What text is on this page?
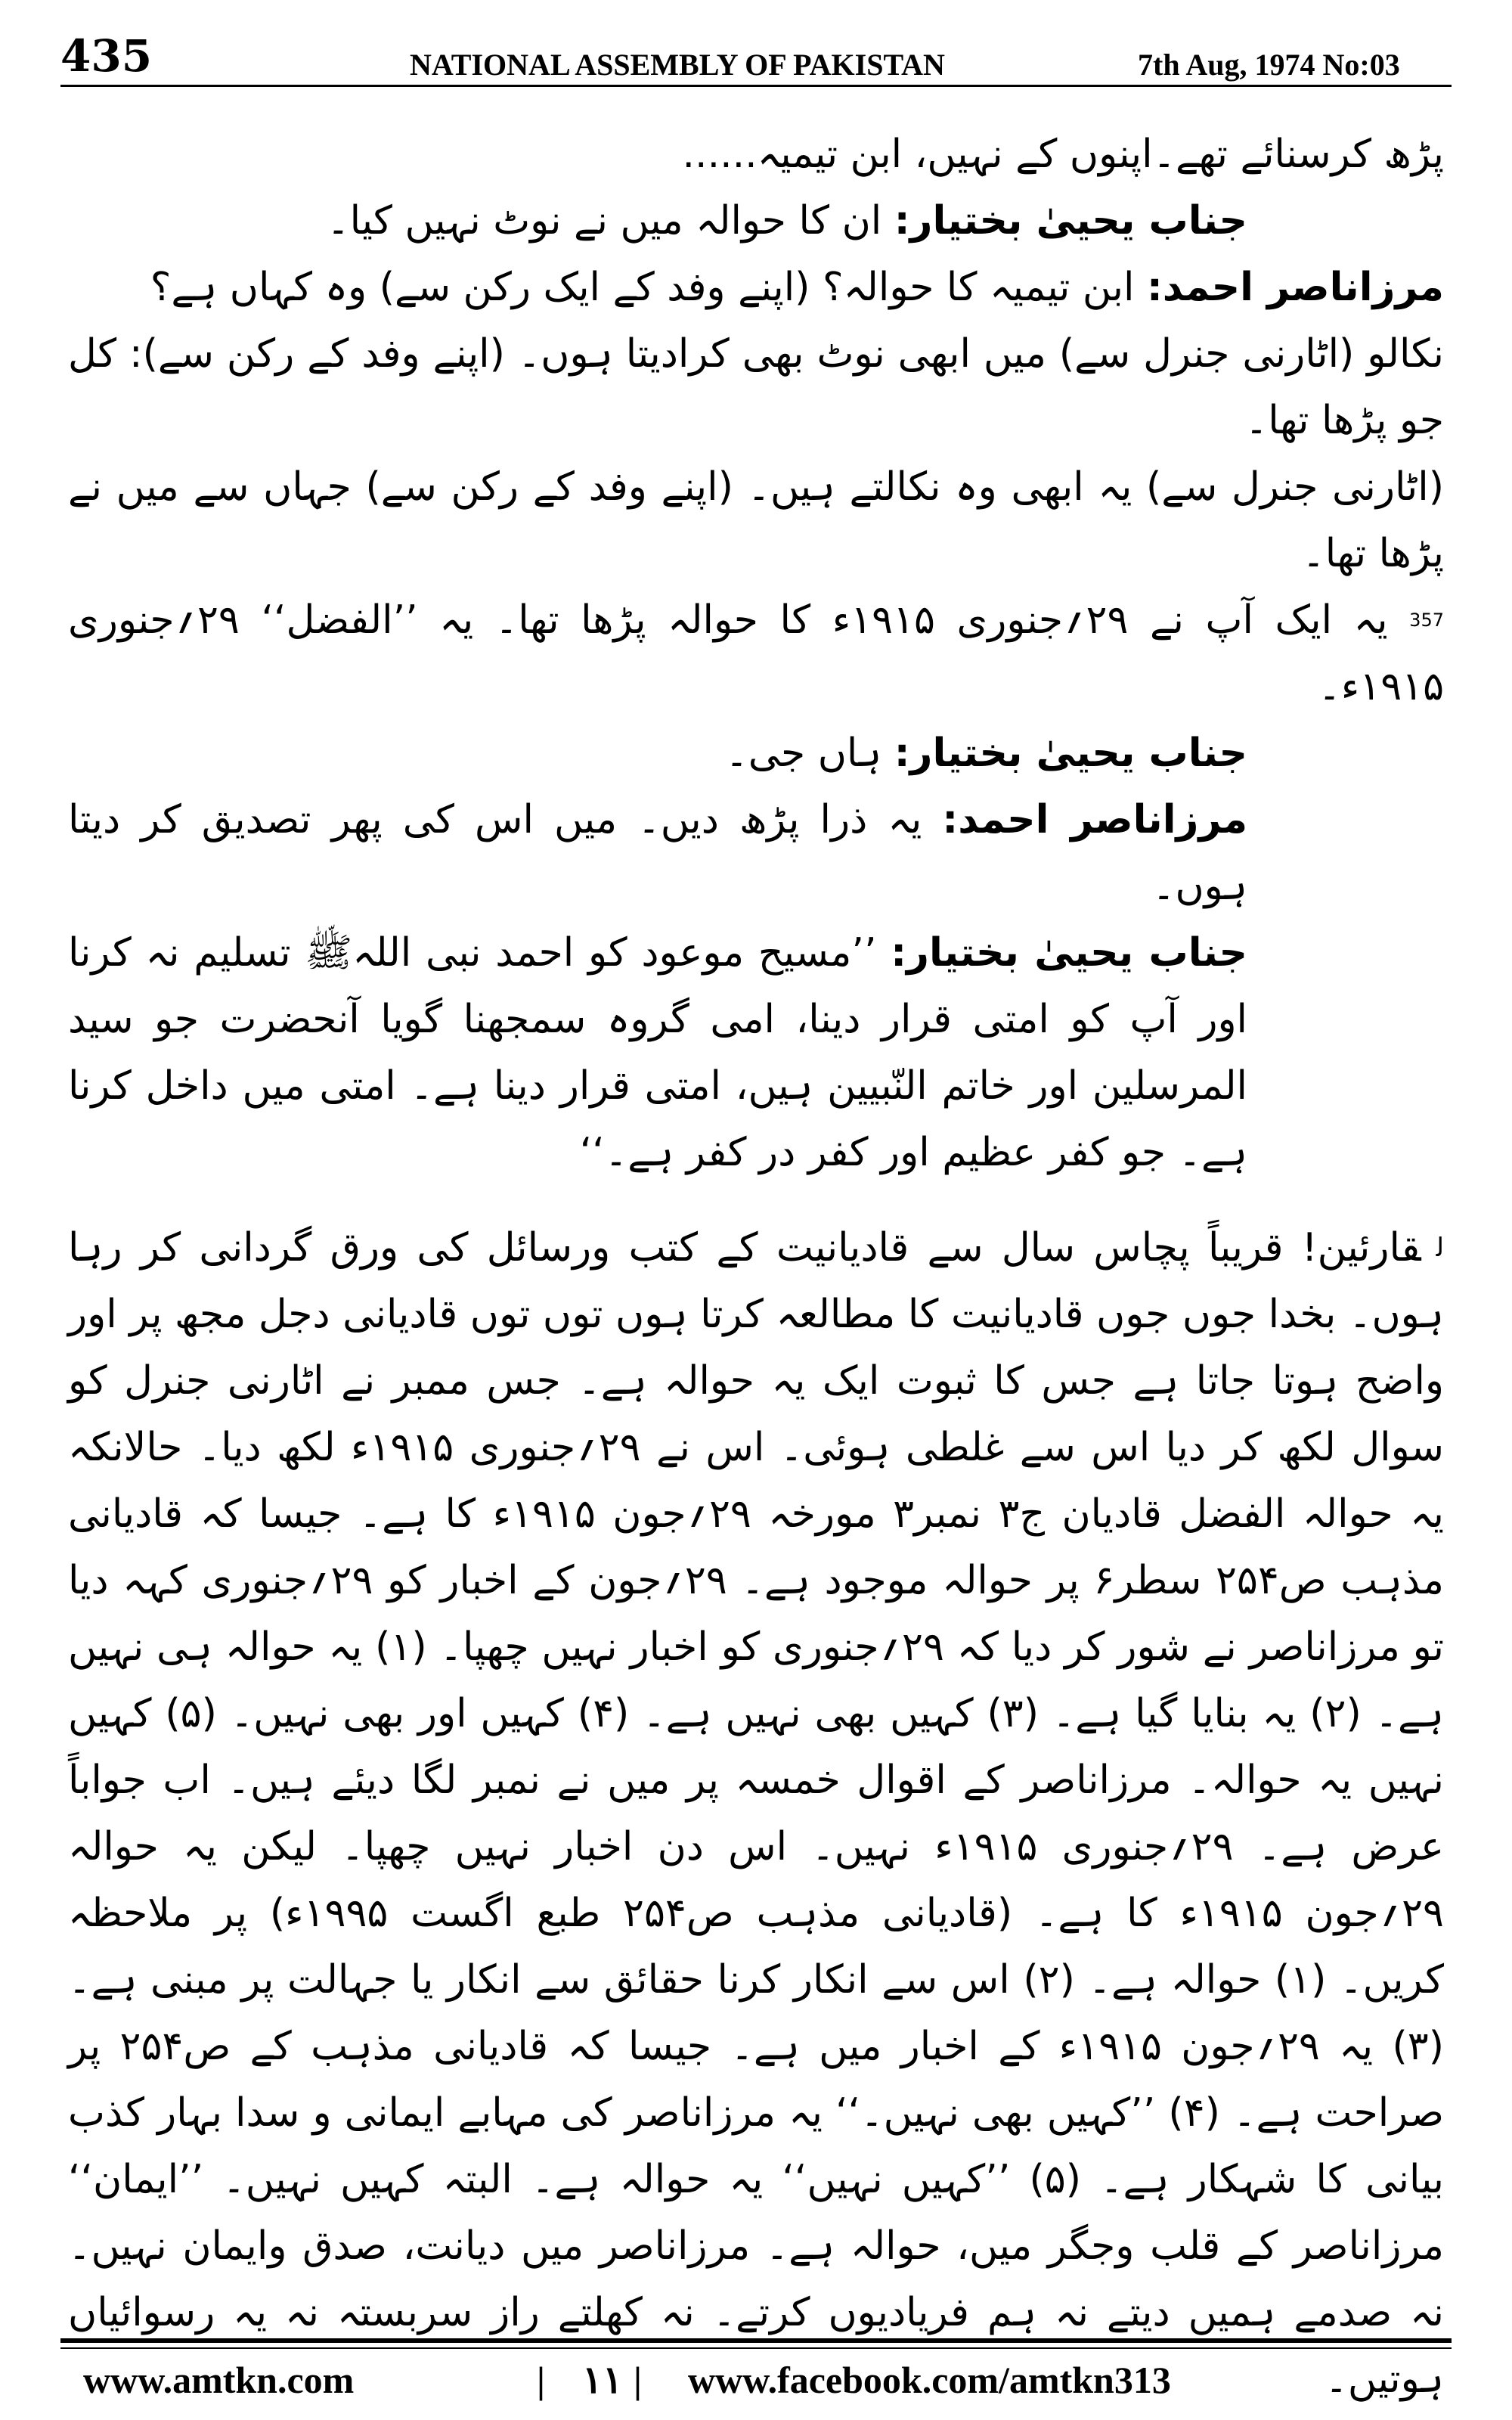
435	NATIONAL ASSEMBLY OF PAKISTAN	7th Aug, 1974 No:03

پڑھ کرسنائے تھے۔اپنوں کے نہیں، ابن تیمیہ......

جناب یحییٰ بختیار: ان کا حوالہ میں نے نوٹ نہیں کیا۔

مرزاناصر احمد: ابن تیمیہ کا حوالہ؟ (اپنے وفد کے ایک رکن سے) وہ کہاں ہے؟

نکالو (اٹارنی جنرل سے) میں ابھی نوٹ بھی کرادیتا ہوں۔ (اپنے وفد کے رکن سے): کل جو پڑھا تھا۔

(اٹارنی جنرل سے) یہ ابھی وہ نکالتے ہیں۔ (اپنے وفد کے رکن سے) جہاں سے میں نے پڑھا تھا۔

$^{357}$ یہ ایک آپ نے ۲۹؍جنوری ۱۹۱۵ء کا حوالہ پڑھا تھا۔ یہ ’’الفضل‘‘ ۲۹؍جنوری ۱۹۱۵ء۔

جناب یحییٰ بختیار: ہاں جی۔

مرزاناصر احمد: یہ ذرا پڑھ دیں۔ میں اس کی پھر تصدیق کر دیتا ہوں۔

جناب یحییٰ بختیار: ’’مسیح موعود کو احمد نبی اللہﷺ تسلیم نہ کرنا اور آپ کو امتی قرار دینا، امی گروہ سمجھنا گویا آنحضرت جو سید المرسلین اور خاتم النّبیین ہیں، امتی قرار دینا ہے۔ امتی میں داخل کرنا ہے۔ جو کفر عظیم اور کفر در کفر ہے۔‘‘

$^ل$قارئین! قریباً پچاس سال سے قادیانیت کے کتب ورسائل کی ورق گردانی کر رہا ہوں۔ بخدا جوں جوں قادیانیت کا مطالعہ کرتا ہوں توں توں قادیانی دجل مجھ پر اور واضح ہوتا جاتا ہے جس کا ثبوت ایک یہ حوالہ ہے۔ جس ممبر نے اٹارنی جنرل کو سوال لکھ کر دیا اس سے غلطی ہوئی۔ اس نے ۲۹؍جنوری ۱۹۱۵ء لکھ دیا۔ حالانکہ یہ حوالہ الفضل قادیان ج۳ نمبر۳ مورخہ ۲۹؍جون ۱۹۱۵ء کا ہے۔ جیسا کہ قادیانی مذہب ص۲۵۴ سطر۶ پر حوالہ موجود ہے۔ ۲۹؍جون کے اخبار کو ۲۹؍جنوری کہہ دیا تو مرزاناصر نے شور کر دیا کہ ۲۹؍جنوری کو اخبار نہیں چھپا۔ (۱) یہ حوالہ ہی نہیں ہے۔ (۲) یہ بنایا گیا ہے۔ (۳) کہیں بھی نہیں ہے۔ (۴) کہیں اور بھی نہیں۔ (۵) کہیں نہیں یہ حوالہ۔ مرزاناصر کے اقوال خمسہ پر میں نے نمبر لگا دیئے ہیں۔ اب جواباً عرض ہے۔ ۲۹؍جنوری ۱۹۱۵ء نہیں۔ اس دن اخبار نہیں چھپا۔ لیکن یہ حوالہ ۲۹؍جون ۱۹۱۵ء کا ہے۔ (قادیانی مذہب ص۲۵۴ طبع اگست ۱۹۹۵ء) پر ملاحظہ کریں۔ (۱) حوالہ ہے۔ (۲) اس سے انکار کرنا حقائق سے انکار یا جہالت پر مبنی ہے۔ (۳) یہ ۲۹؍جون ۱۹۱۵ء کے اخبار میں ہے۔ جیسا کہ قادیانی مذہب کے ص۲۵۴ پر صراحت ہے۔ (۴) ’’کہیں بھی نہیں۔‘‘ یہ مرزاناصر کی مہابے ایمانی و سدا بہار کذب بیانی کا شہکار ہے۔ (۵) ’’کہیں نہیں‘‘ یہ حوالہ ہے۔ البتہ کہیں نہیں۔ ’’ایمان‘‘ مرزاناصر کے قلب وجگر میں، حوالہ ہے۔ مرزاناصر میں دیانت، صدق وایمان نہیں۔ نہ صدمے ہمیں دیتے نہ ہم فریادیوں کرتے۔ نہ کھلتے راز سربستہ نہ یہ رسوائیاں ہوتیں۔

www.amtkn.com	| ۱۱ | www.facebook.com/amtkn313
